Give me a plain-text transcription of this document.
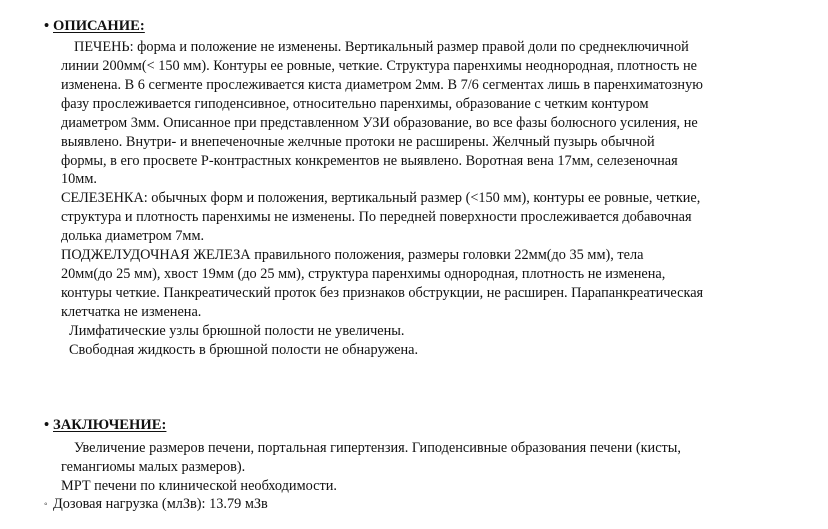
• ОПИСАНИЕ:

ПЕЧЕНЬ: форма и положение не изменены. Вертикальный размер правой доли по среднеключичной

линии 200мм(< 150 мм). Контуры ее ровные, четкие. Структура паренхимы неоднородная, плотность не

изменена. В 6 сегменте прослеживается киста диаметром 2мм. В 7/6 сегментах лишь в паренхиматозную

фазу прослеживается гиподенсивное, относительно паренхимы, образование с четким контуром

диаметром 3мм. Описанное при представленном УЗИ образование, во все фазы болюсного усиления, не

выявлено. Внутри- и внепеченочные желчные протоки не расширены. Желчный пузырь обычной

формы, в его просвете Р-контрастных конкрементов не выявлено. Воротная вена 17мм, селезеночная

10мм.

СЕЛЕЗЕНКА: обычных форм и положения, вертикальный размер (<150 мм), контуры ее ровные, четкие,

структура и плотность паренхимы не изменены. По передней поверхности прослеживается добавочная

долька диаметром 7мм.

ПОДЖЕЛУДОЧНАЯ ЖЕЛЕЗА правильного положения, размеры головки 22мм(до 35 мм), тела

20мм(до 25 мм), хвост 19мм (до 25 мм), структура паренхимы однородная, плотность не изменена,

контуры четкие. Панкреатический проток без признаков обструкции, не расширен. Парапанкреатическая

клетчатка не изменена.

Лимфатические узлы брюшной полости не увеличены.

Свободная жидкость в брюшной полости не обнаружена.

• ЗАКЛЮЧЕНИЕ:

Увеличение размеров печени, портальная гипертензия. Гиподенсивные образования печени (кисты,

гемангиомы малых размеров).

МРТ печени по клинической необходимости.

◦ Дозовая нагрузка (млЗв): 13.79 мЗв
